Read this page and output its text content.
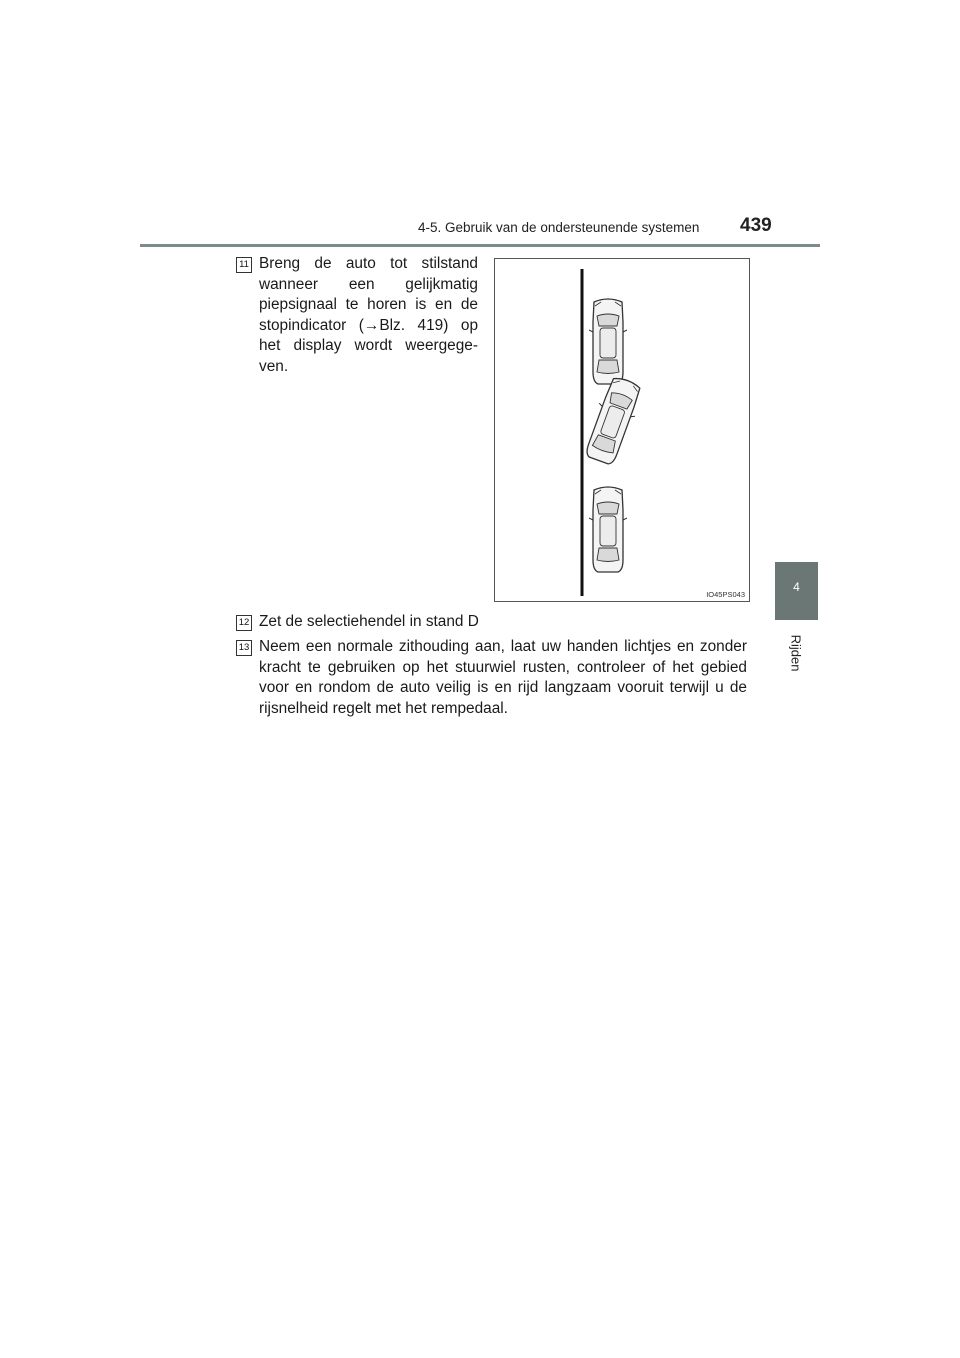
4-5. Gebruik van de ondersteunende systemen 439
4
Rijden
11 Breng de auto tot stilstand wanneer een gelijkmatig piepsignaal te horen is en de stopindicator (→Blz. 419) op het display wordt weergege-ven.
IO45PS043
12 Zet de selectiehendel in stand D
13 Neem een normale zithouding aan, laat uw handen lichtjes en zonder kracht te gebruiken op het stuurwiel rusten, controleer of het gebied voor en rondom de auto veilig is en rijd langzaam vooruit terwijl u de rijsnelheid regelt met het rempedaal.
